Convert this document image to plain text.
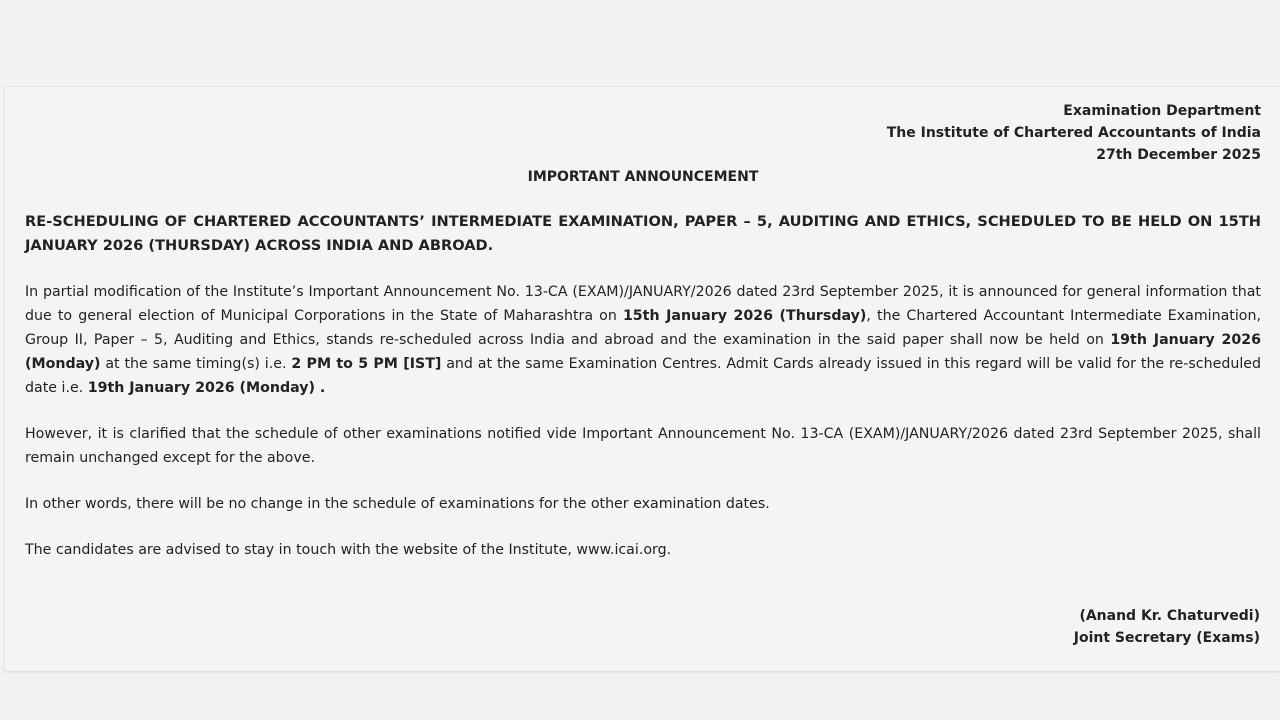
Examination Department
The Institute of Chartered Accountants of India
27th December 2025
IMPORTANT ANNOUNCEMENT
RE-SCHEDULING OF CHARTERED ACCOUNTANTS’ INTERMEDIATE EXAMINATION, PAPER – 5, AUDITING AND ETHICS, SCHEDULED TO BE HELD ON 15TH JANUARY 2026 (THURSDAY) ACROSS INDIA AND ABROAD.
In partial modification of the Institute’s Important Announcement No. 13-CA (EXAM)/JANUARY/2026 dated 23rd September 2025, it is announced for general information that due to general election of Municipal Corporations in the State of Maharashtra on 15th January 2026 (Thursday), the Chartered Accountant Intermediate Examination, Group II, Paper – 5, Auditing and Ethics, stands re-scheduled across India and abroad and the examination in the said paper shall now be held on 19th January 2026 (Monday) at the same timing(s) i.e. 2 PM to 5 PM [IST] and at the same Examination Centres. Admit Cards already issued in this regard will be valid for the re-scheduled date i.e. 19th January 2026 (Monday) .
However, it is clarified that the schedule of other examinations notified vide Important Announcement No. 13-CA (EXAM)/JANUARY/2026 dated 23rd September 2025, shall remain unchanged except for the above.
In other words, there will be no change in the schedule of examinations for the other examination dates.
The candidates are advised to stay in touch with the website of the Institute, www.icai.org.
(Anand Kr. Chaturvedi)
Joint Secretary (Exams)
